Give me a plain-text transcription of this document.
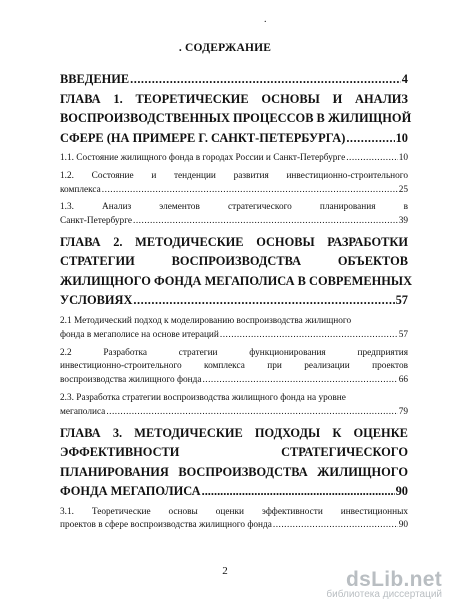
.
. СОДЕРЖАНИЕ
ВВЕДЕНИЕ .....	4
ГЛАВА 1. ТЕОРЕТИЧЕСКИЕ ОСНОВЫ И АНАЛИЗ
ВОСПРОИЗВОДСТВЕННЫХ ПРОЦЕССОВ В ЖИЛИЩНОЙ
СФЕРЕ (НА ПРИМЕРЕ Г. САНКТ-ПЕТЕРБУРГА) .....	10
1.1. Состояние жилищного фонда в городах России и Санкт-Петербурге .....	10
1.2. Состояние и тенденции развития инвестиционно-строительного
комплекса .....	25
1.3.	Анализ	элементов	стратегического	планирования	в
Санкт-Петербурге .....	39
ГЛАВА 2. МЕТОДИЧЕСКИЕ ОСНОВЫ РАЗРАБОТКИ
СТРАТЕГИИ	ВОСПРОИЗВОДСТВА	ОБЪЕКТОВ
ЖИЛИЩНОГО ФОНДА МЕГАПОЛИСА В СОВРЕМЕННЫХ
УСЛОВИЯХ .....	57
2.1 Методический подход к моделированию воспроизводства жилищного
фонда в мегаполисе на основе итераций .....	57
2.2	Разработка	стратегии	функционирования	предприятия
инвестиционно-строительного комплекса при реализации проектов
воспроизводства жилищного фонда .....	66
2.3. Разработка стратегии воспроизводства жилищного фонда на уровне
мегаполиса .....	79
ГЛАВА 3. МЕТОДИЧЕСКИЕ ПОДХОДЫ К ОЦЕНКЕ
ЭФФЕКТИВНОСТИ	СТРАТЕГИЧЕСКОГО
ПЛАНИРОВАНИЯ ВОСПРОИЗВОДСТВА ЖИЛИЩНОГО
ФОНДА МЕГАПОЛИСА .....	90
3.1. Теоретические основы оценки эффективности инвестиционных
проектов в сфере воспроизводства жилищного фонда .....	90
2	dsLib.net
библиотека диссертаций
